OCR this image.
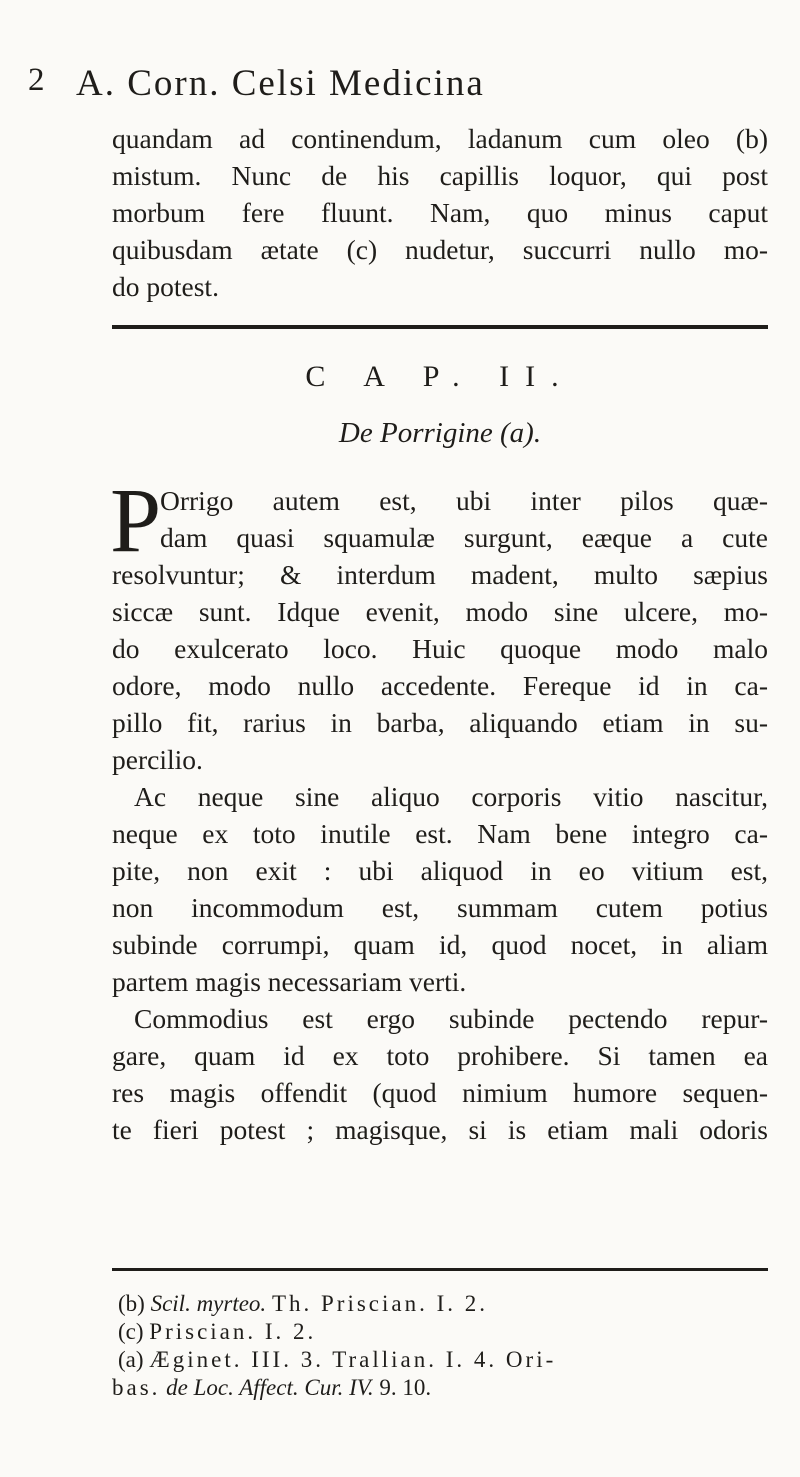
2 A. Corn. Celsi Medicina
quandam ad continendum, ladanum cum oleo (b)
mistum. Nunc de his capillis loquor, qui post
morbum fere fluunt. Nam, quo minus caput
quibusdam ætate (c) nudetur, succurri nullo mo-
do potest.
C A P. II.
De Porrigine (a).
P
Orrigo autem est, ubi inter pilos quæ-
dam quasi squamulæ surgunt, eæque a cute
resolvuntur; & interdum madent, multo sæpius
siccæ sunt. Idque evenit, modo sine ulcere, mo-
do exulcerato loco. Huic quoque modo malo
odore, modo nullo accedente. Fereque id in ca-
pillo fit, rarius in barba, aliquando etiam in su-
percilio.
Ac neque sine aliquo corporis vitio nascitur,
neque ex toto inutile est. Nam bene integro ca-
pite, non exit : ubi aliquod in eo vitium est,
non incommodum est, summam cutem potius
subinde corrumpi, quam id, quod nocet, in aliam
partem magis necessariam verti.
Commodius est ergo subinde pectendo repur-
gare, quam id ex toto prohibere. Si tamen ea
res magis offendit (quod nimium humore sequen-
te fieri potest ; magisque, si is etiam mali odoris
(b) Scil. myrteo. Th. Priscian. I. 2.
(c) Priscian. I. 2.
(a) Æginet. III. 3. Trallian. I. 4. Ori-
bas. de Loc. Affect. Cur. IV. 9. 10.
